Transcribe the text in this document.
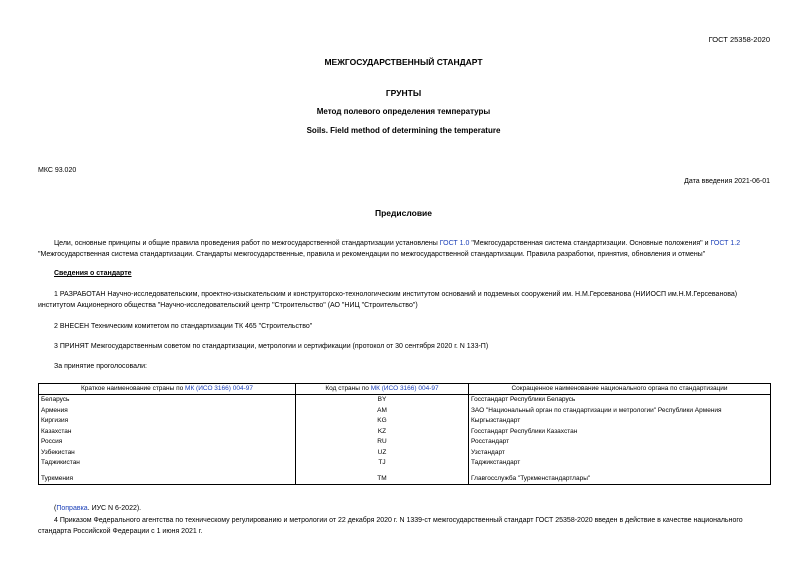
ГОСТ 25358-2020
МЕЖГОСУДАРСТВЕННЫЙ СТАНДАРТ
ГРУНТЫ
Метод полевого определения температуры
Soils. Field method of determining the temperature
МКС 93.020
Дата введения 2021-06-01
Предисловие
Цели, основные принципы и общие правила проведения работ по межгосударственной стандартизации установлены ГОСТ 1.0 "Межгосударственная система стандартизации. Основные положения" и ГОСТ 1.2 "Межгосударственная система стандартизации. Стандарты межгосударственные, правила и рекомендации по межгосударственной стандартизации. Правила разработки, принятия, обновления и отмены"
Сведения о стандарте
1 РАЗРАБОТАН Научно-исследовательским, проектно-изыскательским и конструкторско-технологическим институтом оснований и подземных сооружений им. Н.М.Герсеванова (НИИОСП им.Н.М.Герсеванова) институтом Акционерного общества "Научно-исследовательский центр "Строительство" (АО "НИЦ "Строительство")
2 ВНЕСЕН Техническим комитетом по стандартизации ТК 465 "Строительство"
3 ПРИНЯТ Межгосударственным советом по стандартизации, метрологии и сертификации (протокол от 30 сентября 2020 г. N 133-П)
За принятие проголосовали:
Краткое наименование страны по МК (ИСО 3166) 004-97	Код страны по МК (ИСО 3166) 004-97	Сокращенное наименование национального органа по стандартизации
Беларусь	BY	Госстандарт Республики Беларусь
Армения	AM	ЗАО "Национальный орган по стандартизации и метрологии" Республики Армения
Киргизия	KG	Кыргызстандарт
Казахстан	KZ	Госстандарт Республики Казахстан
Россия	RU	Росстандарт
Узбекистан	UZ	Узстандарт
Таджикистан	TJ	Таджикстандарт

Туркмения	TM	Главгосслужба "Туркменстандартлары"
(Поправка. ИУС N 6-2022).
4 Приказом Федерального агентства по техническому регулированию и метрологии от 22 декабря 2020 г. N 1339-ст межгосударственный стандарт ГОСТ 25358-2020 введен в действие в качестве национального стандарта Российской Федерации с 1 июня 2021 г.
